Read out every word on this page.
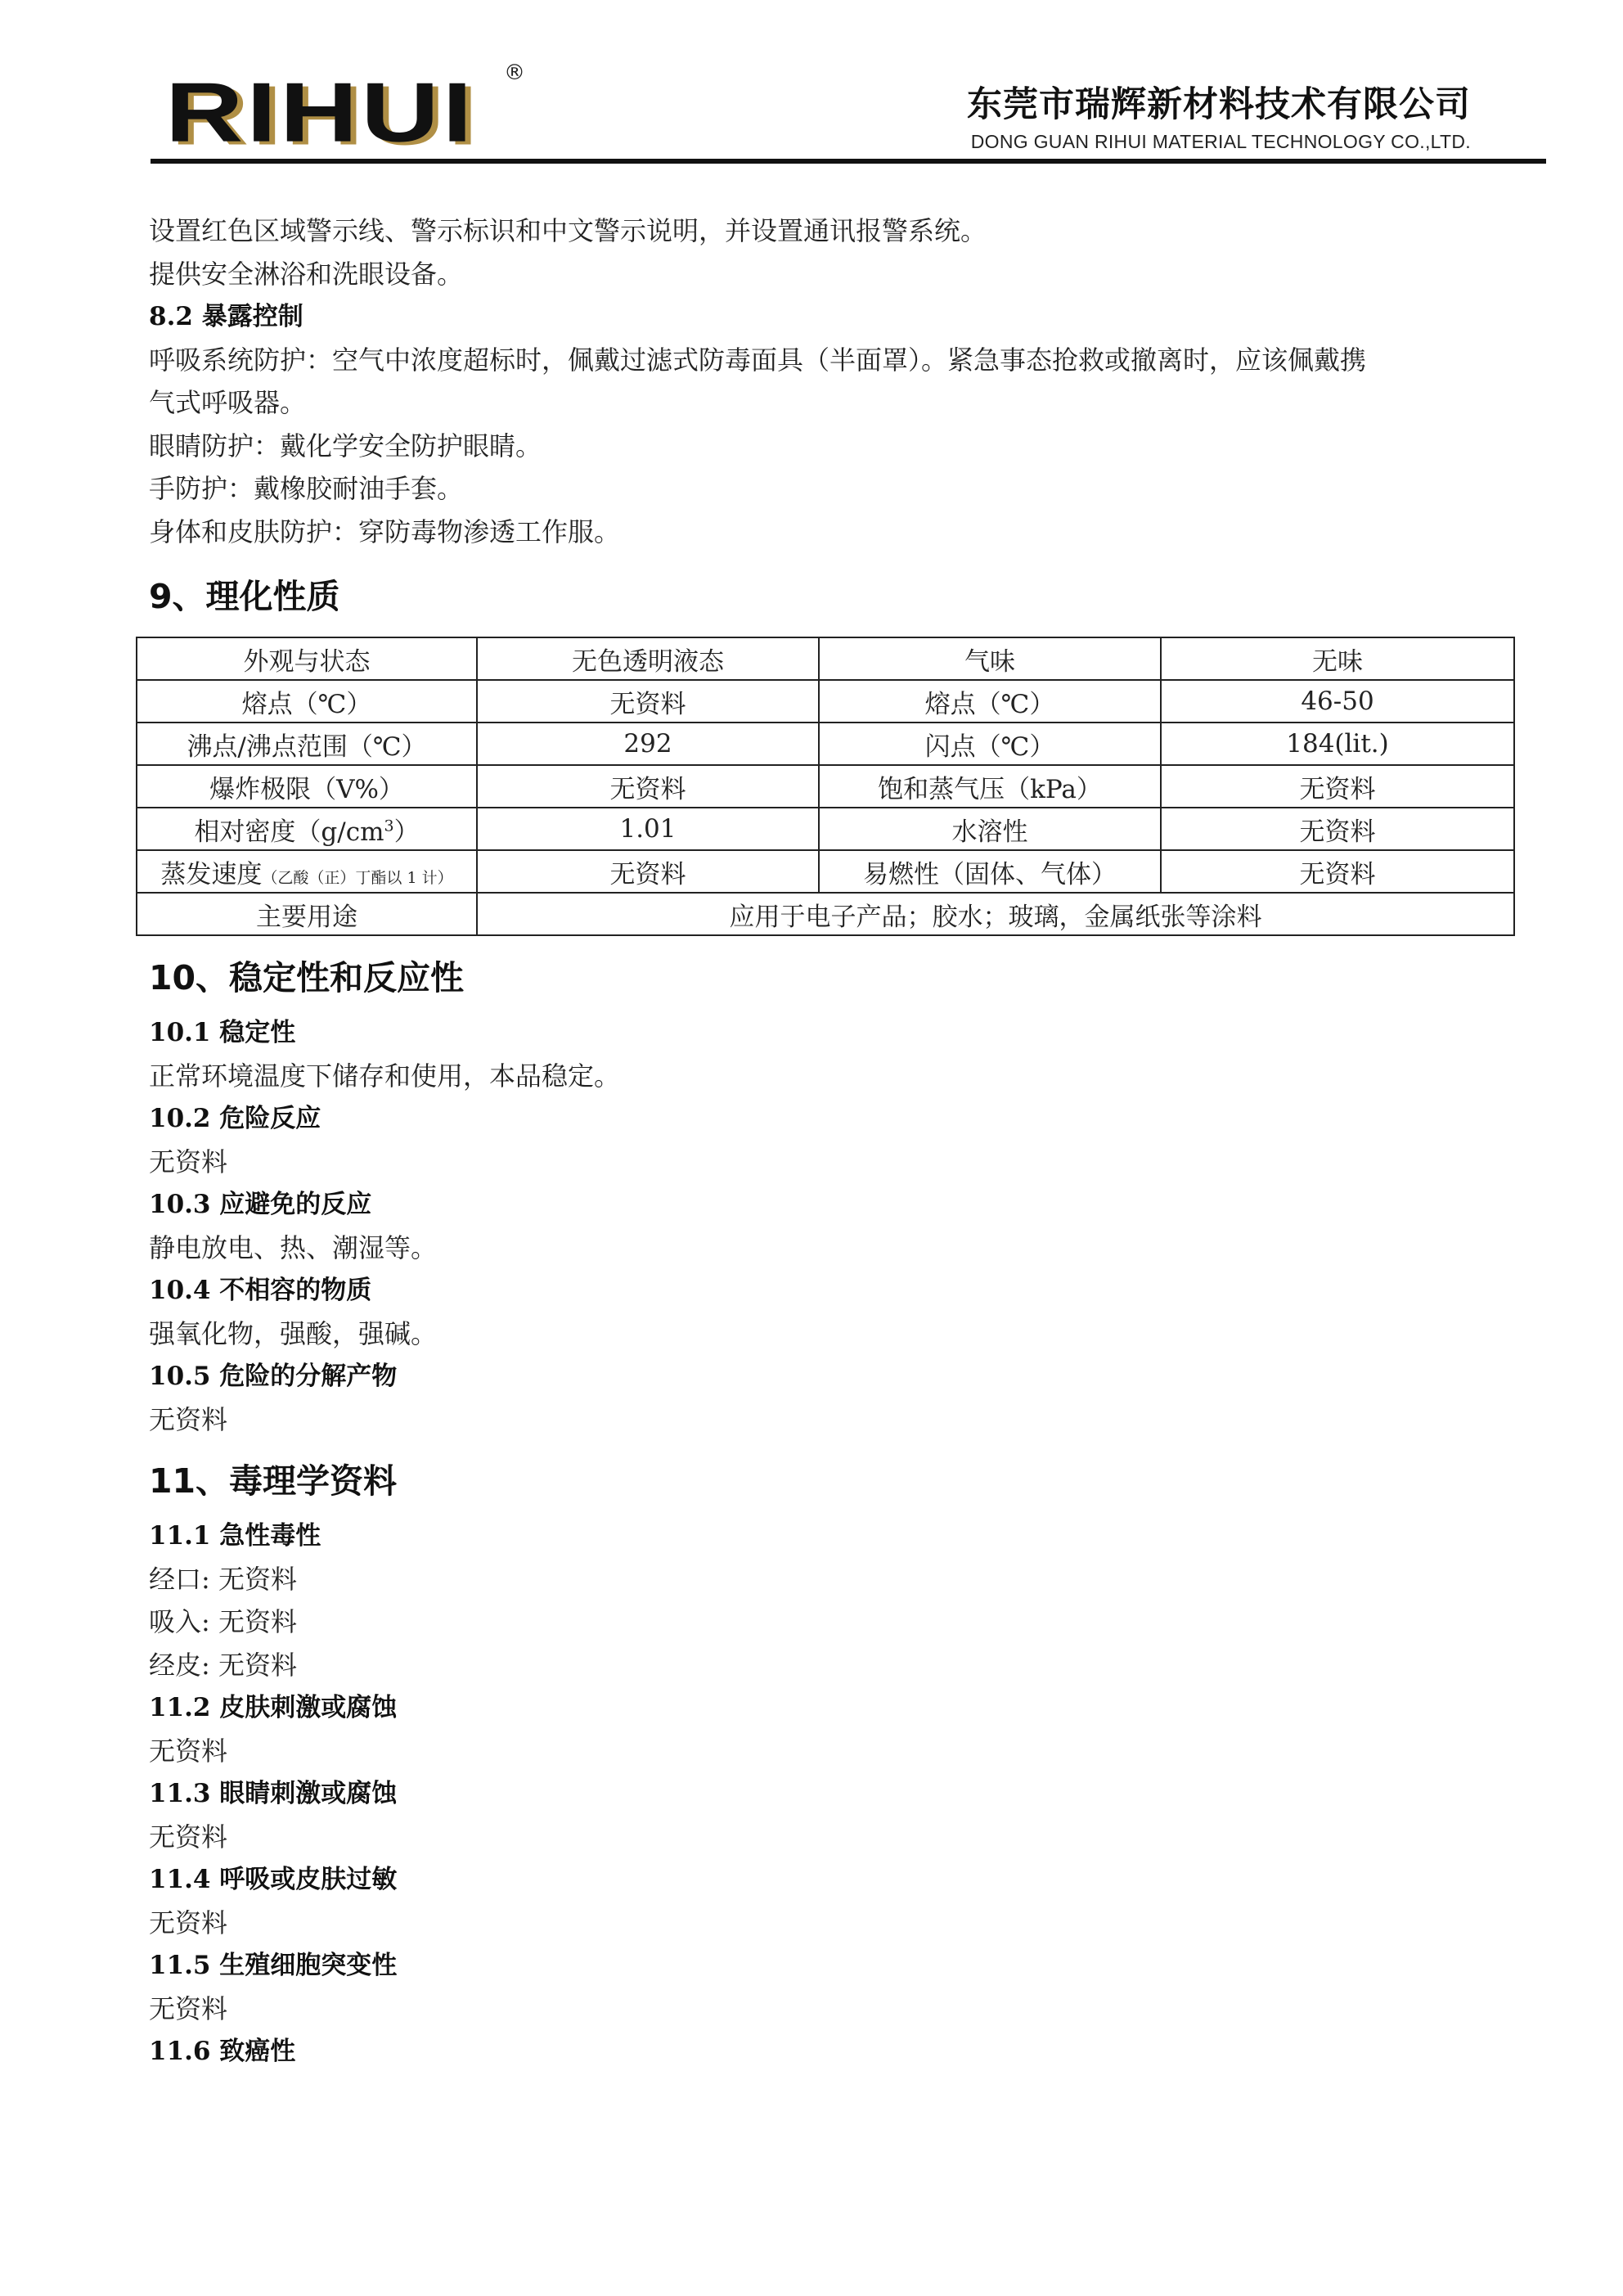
RIHUI ®
东莞市瑞辉新材料技术有限公司
DONG GUAN RIHUI MATERIAL TECHNOLOGY CO.,LTD.
设置红色区域警示线、警示标识和中文警示说明，并设置通讯报警系统。
提供安全淋浴和洗眼设备。
8.2 暴露控制
呼吸系统防护：空气中浓度超标时，佩戴过滤式防毒面具（半面罩）。紧急事态抢救或撤离时，应该佩戴携
气式呼吸器。
眼睛防护：戴化学安全防护眼睛。
手防护：戴橡胶耐油手套。
身体和皮肤防护：穿防毒物渗透工作服。
9、理化性质
外观与状态	无色透明液态	气味	无味
熔点（℃）	无资料	熔点（℃）	46-50
沸点/沸点范围（℃）	292	闪点（℃）	184(lit.)
爆炸极限（V%）	无资料	饱和蒸气压（kPa）	无资料
相对密度$(g/cm^3)$	1.01	水溶性	无资料
蒸发速度（乙酸（正）丁酯以 1 计）	无资料	易燃性（固体、气体）	无资料
主要用途	应用于电子产品；胶水；玻璃，金属纸张等涂料		
10、稳定性和反应性
10.1 稳定性
正常环境温度下储存和使用，本品稳定。
10.2 危险反应
无资料
10.3 应避免的反应
静电放电、热、潮湿等。
10.4 不相容的物质
强氧化物，强酸，强碱。
10.5 危险的分解产物
无资料
11、毒理学资料
11.1 急性毒性
经口: 无资料
吸入: 无资料
经皮: 无资料
11.2 皮肤刺激或腐蚀
无资料
11.3 眼睛刺激或腐蚀
无资料
11.4 呼吸或皮肤过敏
无资料
11.5 生殖细胞突变性
无资料
11.6 致癌性
